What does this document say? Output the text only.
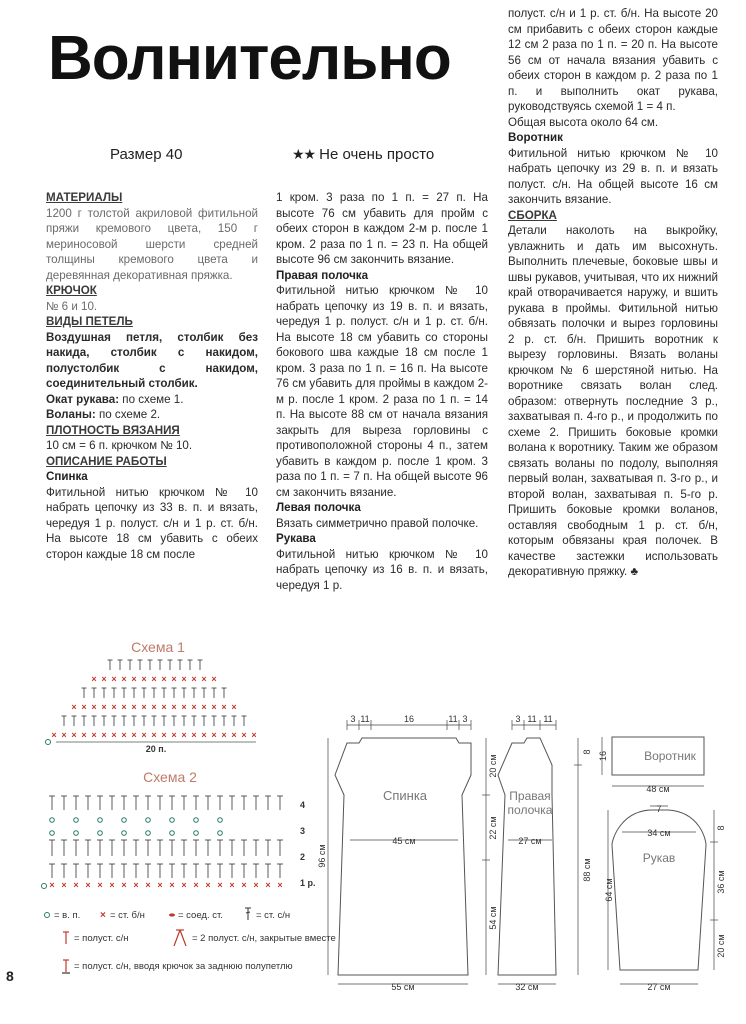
Волнительно
Размер 40	★★ Не очень просто
МАТЕРИАЛЫ

1200 г толстой акриловой фитильной пряжи кремового цвета, 150 г мериносовой шерсти средней толщины кремового цвета и деревянная декоративная пряжка.

КРЮЧОК

№ 6 и 10.

ВИДЫ ПЕТЕЛЬ

Воздушная петля, столбик без накида, столбик с накидом, полустолбик с накидом, соединительный столбик.

Окат рукава: по схеме 1.

Воланы: по схеме 2.

ПЛОТНОСТЬ ВЯЗАНИЯ

10 см = 6 п. крючком № 10.

ОПИСАНИЕ РАБОТЫ
Спинка

Фитильной нитью крючком № 10 набрать цепочку из 33 в. п. и вязать, чередуя 1 р. полуст. с/н и 1 р. ст. б/н. На высоте 18 см убавить с обеих сторон каждые 18 см после

1 кром. 3 раза по 1 п. = 27 п. На высоте 76 см убавить для пройм с обеих сторон в каждом 2-м р. после 1 кром. 2 раза по 1 п. = 23 п. На общей высоте 96 см закончить вязание.

Правая полочка

Фитильной нитью крючком № 10 набрать цепочку из 19 в. п. и вязать, чередуя 1 р. полуст. с/н и 1 р. ст. б/н. На высоте 18 см убавить со стороны бокового шва каждые 18 см после 1 кром. 3 раза по 1 п. = 16 п. На высоте 76 см убавить для проймы в каждом 2-м р. после 1 кром. 2 раза по 1 п. = 14 п. На высоте 88 см от начала вязания закрыть для выреза горловины с противоположной стороны 4 п., затем убавить в каждом р. после 1 кром. 3 раза по 1 п. = 7 п. На общей высоте 96 см закончить вязание.

Левая полочка

Вязать симметрично правой полочке.

Рукава

Фитильной нитью крючком № 10 набрать цепочку из 16 в. п. и вязать, чередуя 1 р.

полуст. с/н и 1 р. ст. б/н. На высоте 20 см прибавить с обеих сторон каждые 12 см 2 раза по 1 п. = 20 п. На высоте 56 см от начала вязания убавить с обеих сторон в каждом р. 2 раза по 1 п. и выполнить окат рукава, руководствуясь схемой 1 = 4 п.

Общая высота около 64 см.

Воротник

Фитильной нитью крючком № 10 набрать цепочку из 29 в. п. и вязать полуст. с/н. На общей высоте 16 см закончить вязание.

СБОРКА

Детали наколоть на выкройку, увлажнить и дать им высохнуть. Выполнить плечевые, боковые швы и швы рукавов, учитывая, что их нижний край отворачивается наружу, и вшить рукава в проймы. Фитильной нитью обвязать полочки и вырез горловины 2 р. ст. б/н. Пришить воротник к вырезу горловины. Вязать воланы крючком № 6 шерстяной нитью. На воротнике связать волан след. образом: отвернуть последние 3 р., захватывая п. 4-го р., и продолжить по схеме 2. Пришить боковые кромки волана к воротнику. Таким же образом связать воланы по подолу, выполняя первый волан, захватывая п. 3-го р., и второй волан, захватывая п. 5-го р. Пришить боковые кромки воланов, оставляя свободным 1 р. ст. б/н, которым обвязаны края полочек. В качестве застежки использовать декоративную пряжку. ♣

Схема 1
× × × × × × × × × × × × × × × × × × × × ×
× × × × × × × × × × × × × × × × ×
× × × × × × × × × × × × ×
20 п.
Схема 2
× × × × × × × × × × × × × × × × × × × ×
4
3
2
1 р.
= в. п. × = ст. б/н	= соед. ст.	= ст. с/н
= полуст. с/н	= 2 полуст. с/н, закрытые вместе
= полуст. с/н, вводя крючок за заднюю полупетлю
3 11	16	11 3
Спинка
45 см
55 см
96 см
20 см
22 см
54 см
3 11 11
Правая
полочка
27 см
32 см
8
88 см
Воротник
16
48 см
7
34 см
Рукав
27 см
64 см
8
36 см
20 см
8
